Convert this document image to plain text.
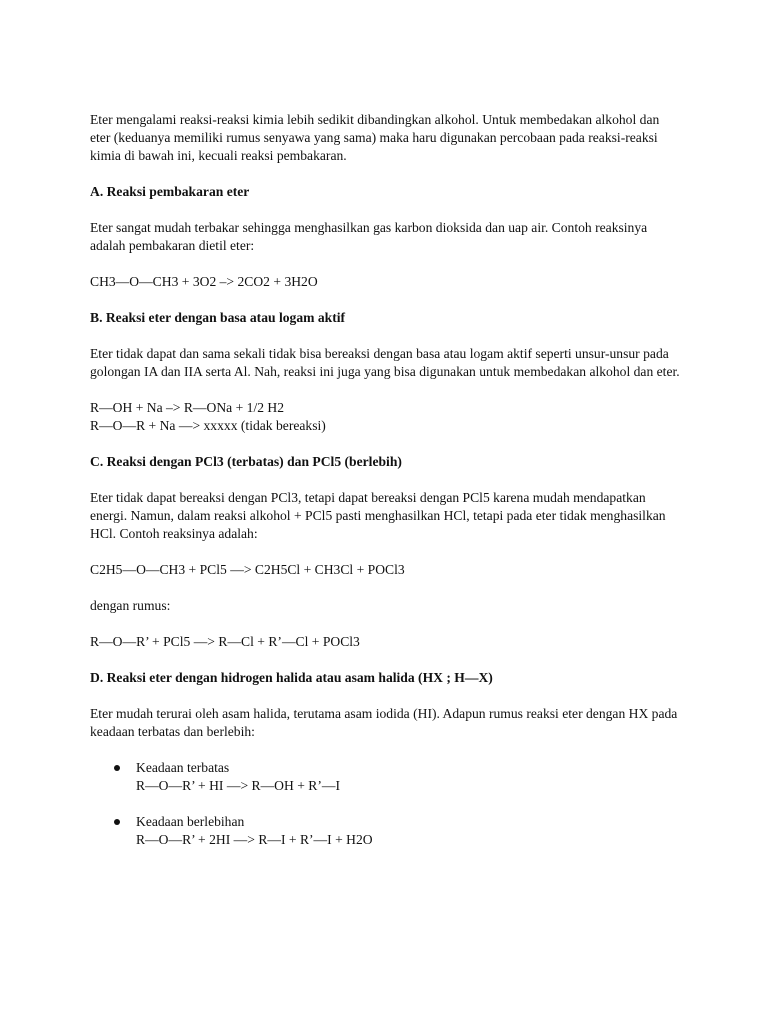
Eter mengalami reaksi-reaksi kimia lebih sedikit dibandingkan alkohol. Untuk membedakan alkohol dan eter (keduanya memiliki rumus senyawa yang sama) maka haru digunakan percobaan pada reaksi-reaksi kimia di bawah ini, kecuali reaksi pembakaran.

A. Reaksi pembakaran eter

Eter sangat mudah terbakar sehingga menghasilkan gas karbon dioksida dan uap air. Contoh reaksinya adalah pembakaran dietil eter:

CH3—O—CH3 + 3O2 –> 2CO2 + 3H2O

B. Reaksi eter dengan basa atau logam aktif

Eter tidak dapat dan sama sekali tidak bisa bereaksi dengan basa atau logam aktif seperti unsur-unsur pada golongan IA dan IIA serta Al. Nah, reaksi ini juga yang bisa digunakan untuk membedakan alkohol dan eter.

R—OH + Na –> R—ONa + 1/2 H2
R—O—R + Na —> xxxxx (tidak bereaksi)

C. Reaksi dengan PCl3 (terbatas) dan PCl5 (berlebih)

Eter tidak dapat bereaksi dengan PCl3, tetapi dapat bereaksi dengan PCl5 karena mudah mendapatkan energi. Namun, dalam reaksi alkohol + PCl5 pasti menghasilkan HCl, tetapi pada eter tidak menghasilkan HCl. Contoh reaksinya adalah:

C2H5—O—CH3 + PCl5 —> C2H5Cl + CH3Cl + POCl3

dengan rumus:

R—O—R’ + PCl5 —> R—Cl + R’—Cl + POCl3

D. Reaksi eter dengan hidrogen halida atau asam halida (HX ; H—X)

Eter mudah terurai oleh asam halida, terutama asam iodida (HI). Adapun rumus reaksi eter dengan HX pada keadaan terbatas dan berlebih:

Keadaan terbatas
R—O—R’ + HI —> R—OH + R’—I
Keadaan berlebihan
R—O—R’ + 2HI —> R—I + R’—I + H2O
